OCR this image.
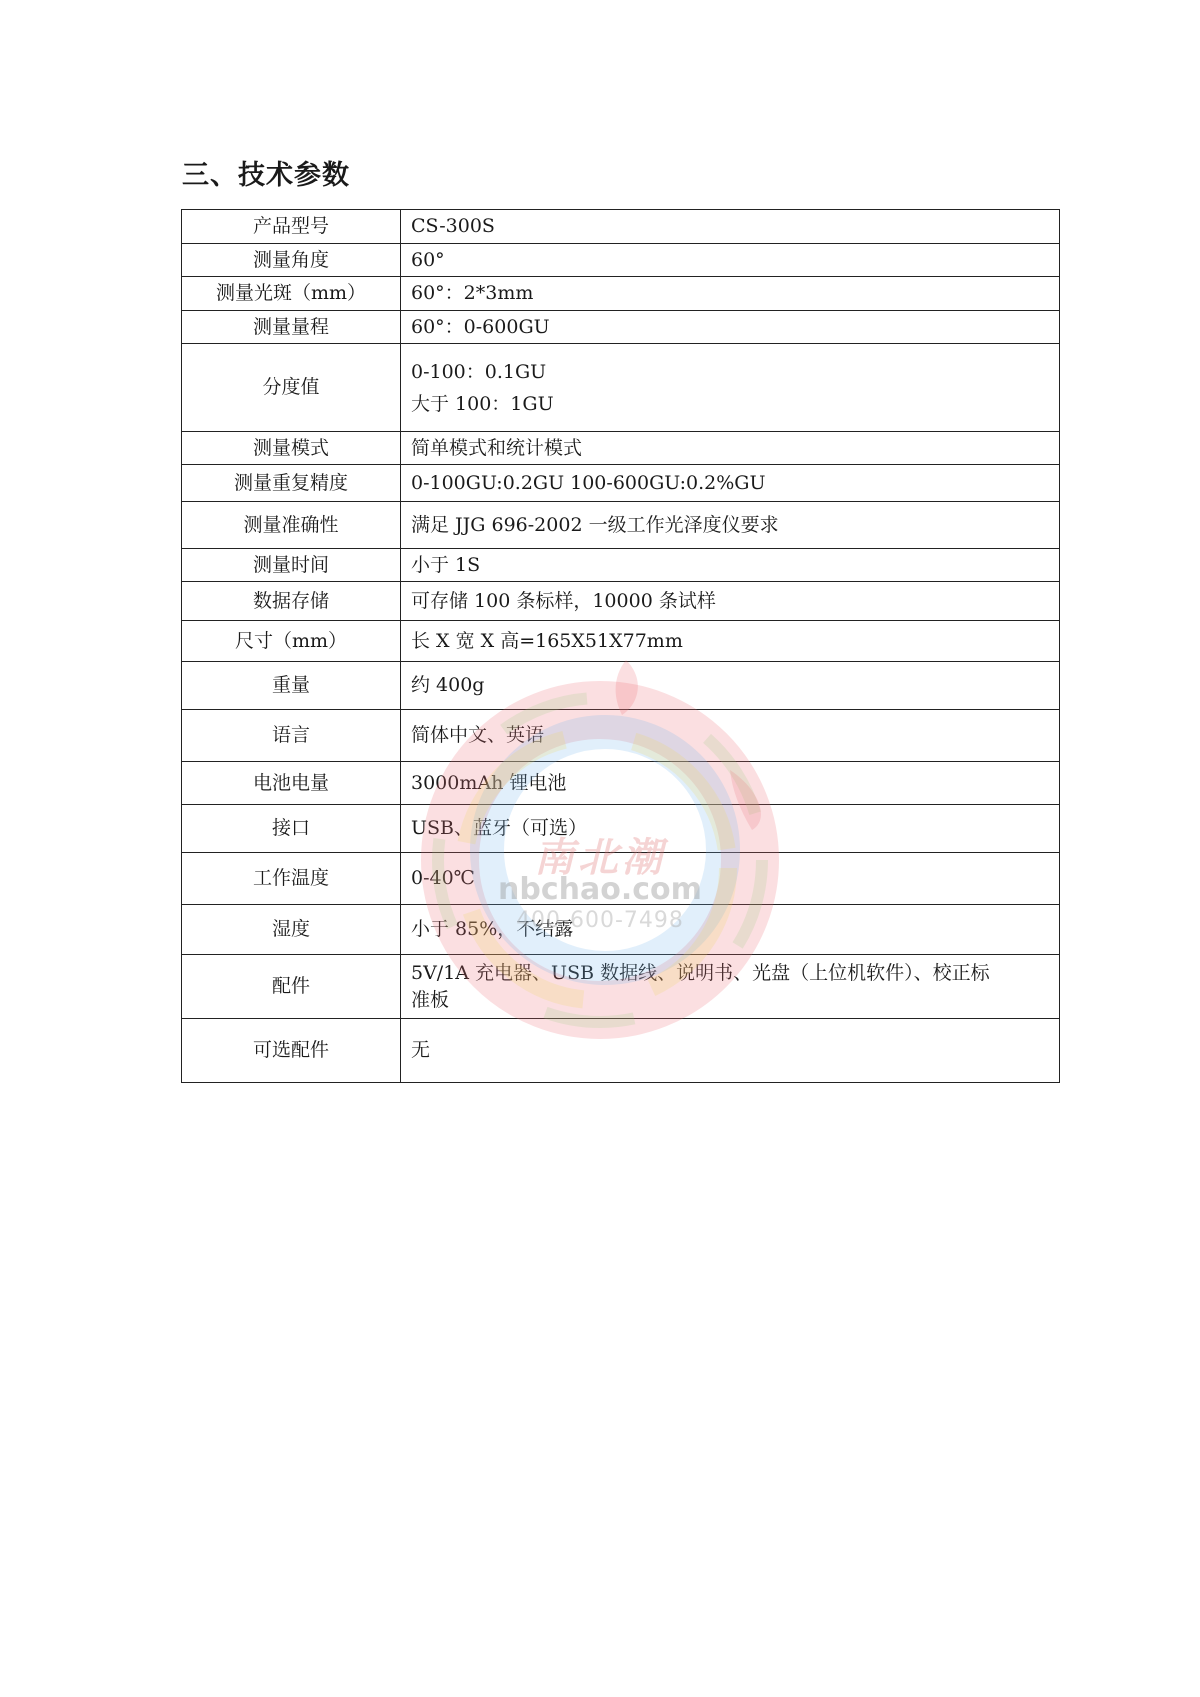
三、技术参数
产品型号	CS-300S

测量角度	60°

测量光斑（mm）	60°：2*3mm

测量量程	60°：0-600GU

分度值	0-100：0.1GU
大于 100：1GU

测量模式	简单模式和统计模式

测量重复精度	0-100GU:0.2GU 100-600GU:0.2%GU

测量准确性	满足 JJG 696-2002 一级工作光泽度仪要求

测量时间	小于 1S

数据存储	可存储 100 条标样，10000 条试样

尺寸（mm）	长 X 宽 X 高=165X51X77mm

重量	约 400g

语言	简体中文、英语

电池电量	3000mAh 锂电池

接口	USB、蓝牙（可选）

工作温度	0-40℃

湿度	小于 85%，不结露

配件	5V/1A 充电器、USB 数据线、说明书、光盘（上位机软件）、校正标
准板

可选配件	无
南北潮
nbchao.com
400-600-7498
